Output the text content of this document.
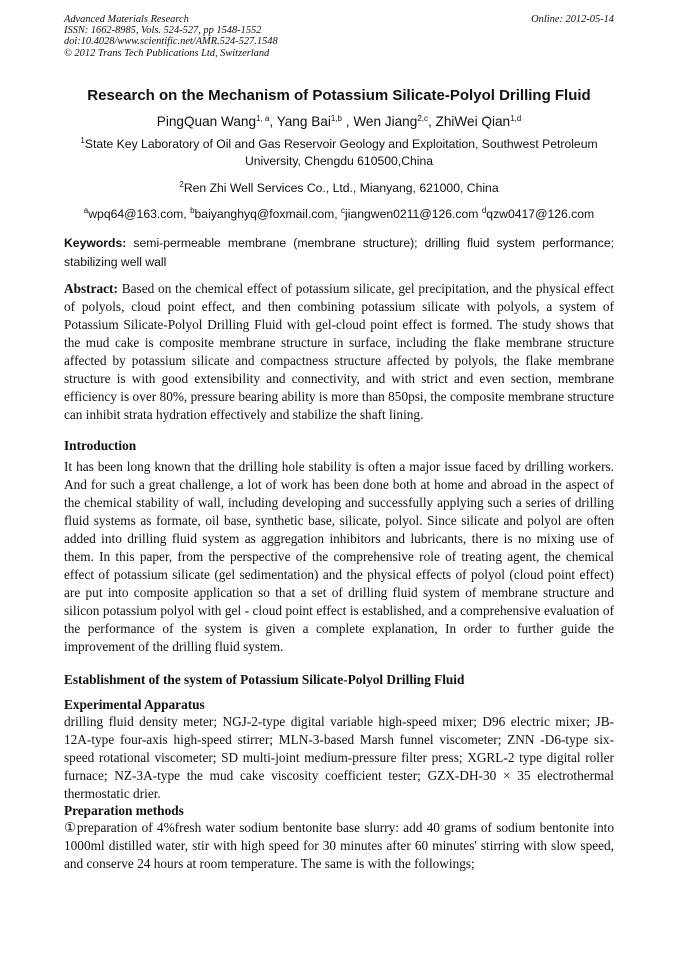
Advanced Materials Research
ISSN: 1662-8985, Vols. 524-527, pp 1548-1552
doi:10.4028/www.scientific.net/AMR.524-527.1548
© 2012 Trans Tech Publications Ltd, Switzerland
Online: 2012-05-14
Research on the Mechanism of Potassium Silicate-Polyol Drilling Fluid
PingQuan Wang$^{1, a}$, Yang Bai$^{1,b}$ , Wen Jiang$^{2,c}$, ZhiWei Qian$^{1,d}$
$^1$State Key Laboratory of Oil and Gas Reservoir Geology and Exploitation, Southwest Petroleum University, Chengdu 610500,China
$^2$Ren Zhi Well Services Co., Ltd., Mianyang, 621000, China
$^a$wpq64@163.com, $^b$baiyanghyq@foxmail.com, $^c$jiangwen0211@126.com $^d$qzw0417@126.com
Keywords: semi-permeable membrane (membrane structure); drilling fluid system performance; stabilizing well wall
Abstract: Based on the chemical effect of potassium silicate, gel precipitation, and the physical effect of polyols, cloud point effect, and then combining potassium silicate with polyols, a system of Potassium Silicate-Polyol Drilling Fluid with gel-cloud point effect is formed. The study shows that the mud cake is composite membrane structure in surface, including the flake membrane structure affected by potassium silicate and compactness structure affected by polyols, the flake membrane structure is with good extensibility and connectivity, and with strict and even section, membrane efficiency is over 80%, pressure bearing ability is more than 850psi, the composite membrane structure can inhibit strata hydration effectively and stabilize the shaft lining.
Introduction
It has been long known that the drilling hole stability is often a major issue faced by drilling workers. And for such a great challenge, a lot of work has been done both at home and abroad in the aspect of the chemical stability of wall, including developing and successfully applying such a series of drilling fluid systems as formate, oil base, synthetic base, silicate, polyol. Since silicate and polyol are often added into drilling fluid system as aggregation inhibitors and lubricants, there is no mixing use of them. In this paper, from the perspective of the comprehensive role of treating agent, the chemical effect of potassium silicate (gel sedimentation) and the physical effects of polyol (cloud point effect) are put into composite application so that a set of drilling fluid system of membrane structure and silicon potassium polyol with gel - cloud point effect is established, and a comprehensive evaluation of the performance of the system is given a complete explanation, In order to further guide the improvement of the drilling fluid system.
Establishment of the system of Potassium Silicate-Polyol Drilling Fluid
Experimental Apparatus
drilling fluid density meter; NGJ-2-type digital variable high-speed mixer; D96 electric mixer; JB-12A-type four-axis high-speed stirrer; MLN-3-based Marsh funnel viscometer; ZNN -D6-type six-speed rotational viscometer; SD multi-joint medium-pressure filter press; XGRL-2 type digital roller furnace; NZ-3A-type the mud cake viscosity coefficient tester; GZX-DH-30 × 35 electrothermal thermostatic drier.
Preparation methods
①preparation of 4%fresh water sodium bentonite base slurry: add 40 grams of sodium bentonite into 1000ml distilled water, stir with high speed for 30 minutes after 60 minutes' stirring with slow speed, and conserve 24 hours at room temperature. The same is with the followings;
